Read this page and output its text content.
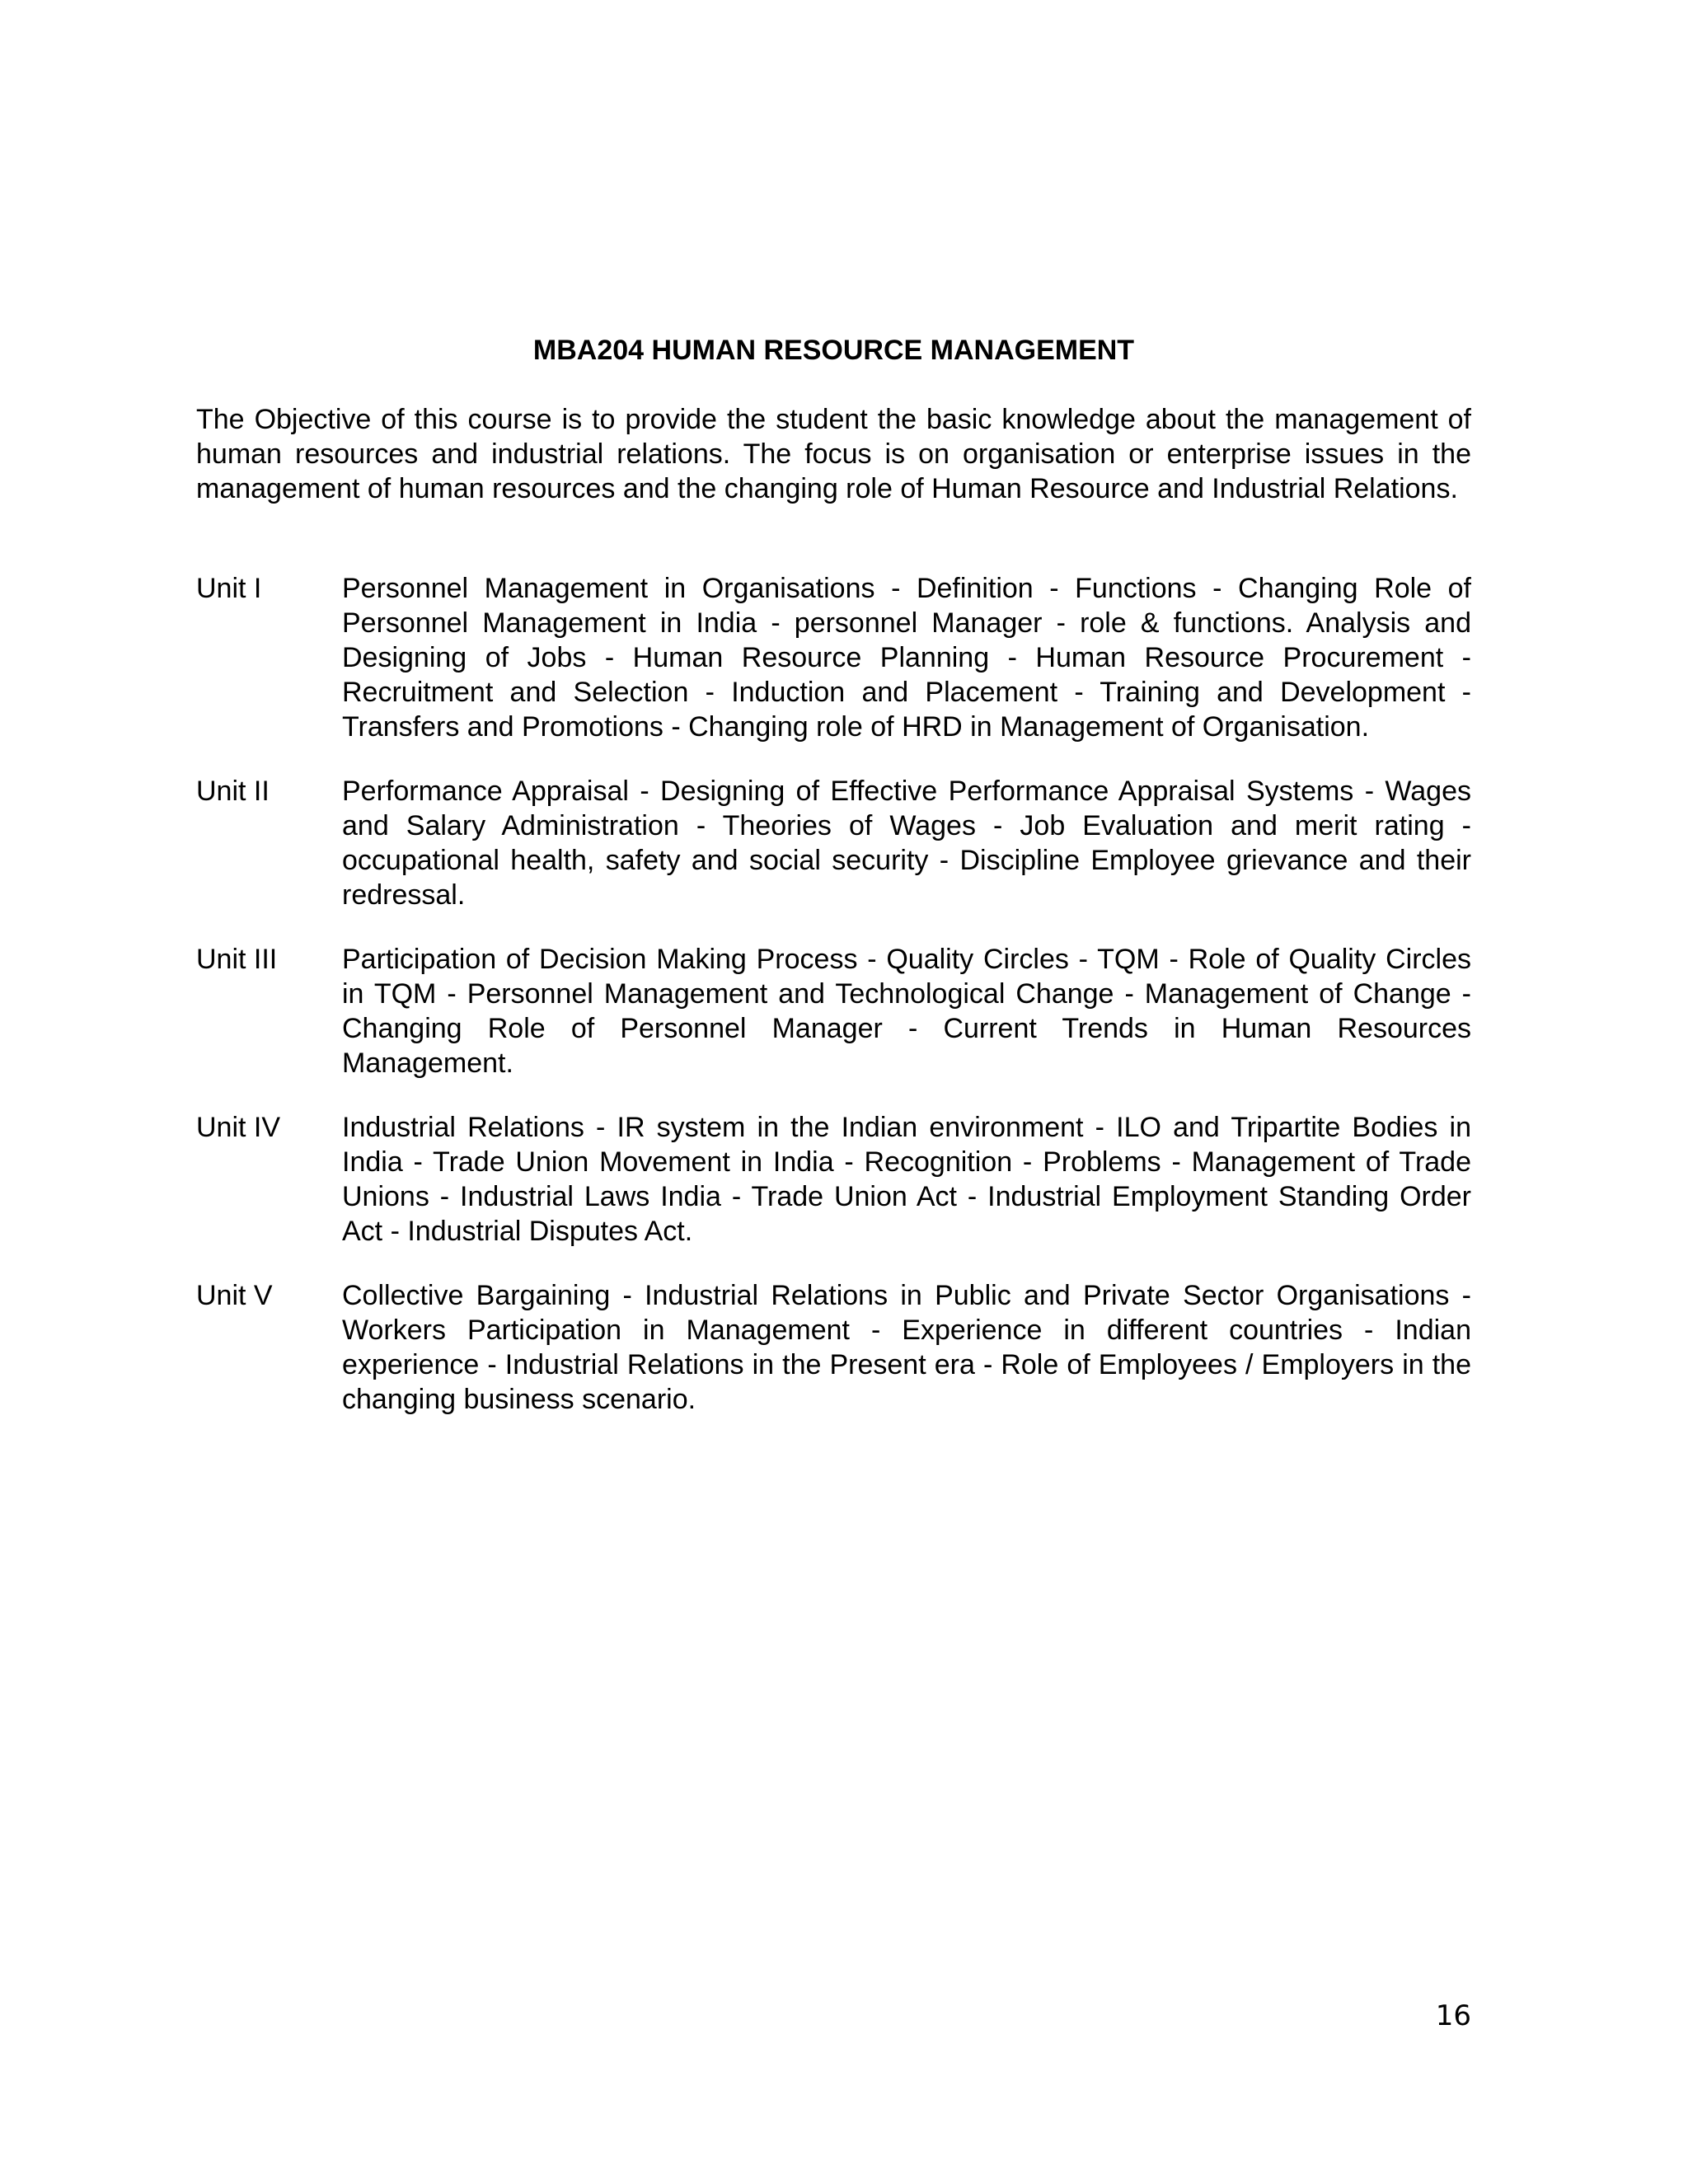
MBA204 HUMAN RESOURCE MANAGEMENT

The Objective of this course is to provide the student the basic knowledge about the management of human resources and industrial relations. The focus is on organisation or enterprise issues in the management of human resources and the changing role of Human Resource and Industrial Relations.

Unit I	Personnel Management in Organisations - Definition - Functions - Changing Role of Personnel Management in India - personnel Manager - role & functions. Analysis and Designing of Jobs - Human Resource Planning - Human Resource Procurement - Recruitment and Selection - Induction and Placement - Training and Development - Transfers and Promotions - Changing role of HRD in Management of Organisation.

Unit II	Performance Appraisal - Designing of Effective Performance Appraisal Systems - Wages and Salary Administration - Theories of Wages - Job Evaluation and merit rating - occupational health, safety and social security - Discipline Employee grievance and their redressal.

Unit III	Participation of Decision Making Process - Quality Circles - TQM - Role of Quality Circles in TQM - Personnel Management and Technological Change - Management of Change - Changing Role of Personnel Manager - Current Trends in Human Resources Management.

Unit IV	Industrial Relations - IR system in the Indian environment - ILO and Tripartite Bodies in India - Trade Union Movement in India - Recognition - Problems - Management of Trade Unions - Industrial Laws India - Trade Union Act - Industrial Employment Standing Order Act - Industrial Disputes Act.

Unit V	Collective Bargaining - Industrial Relations in Public and Private Sector Organisations - Workers Participation in Management - Experience in different countries - Indian experience - Industrial Relations in the Present era - Role of Employees / Employers in the changing business scenario.

16
